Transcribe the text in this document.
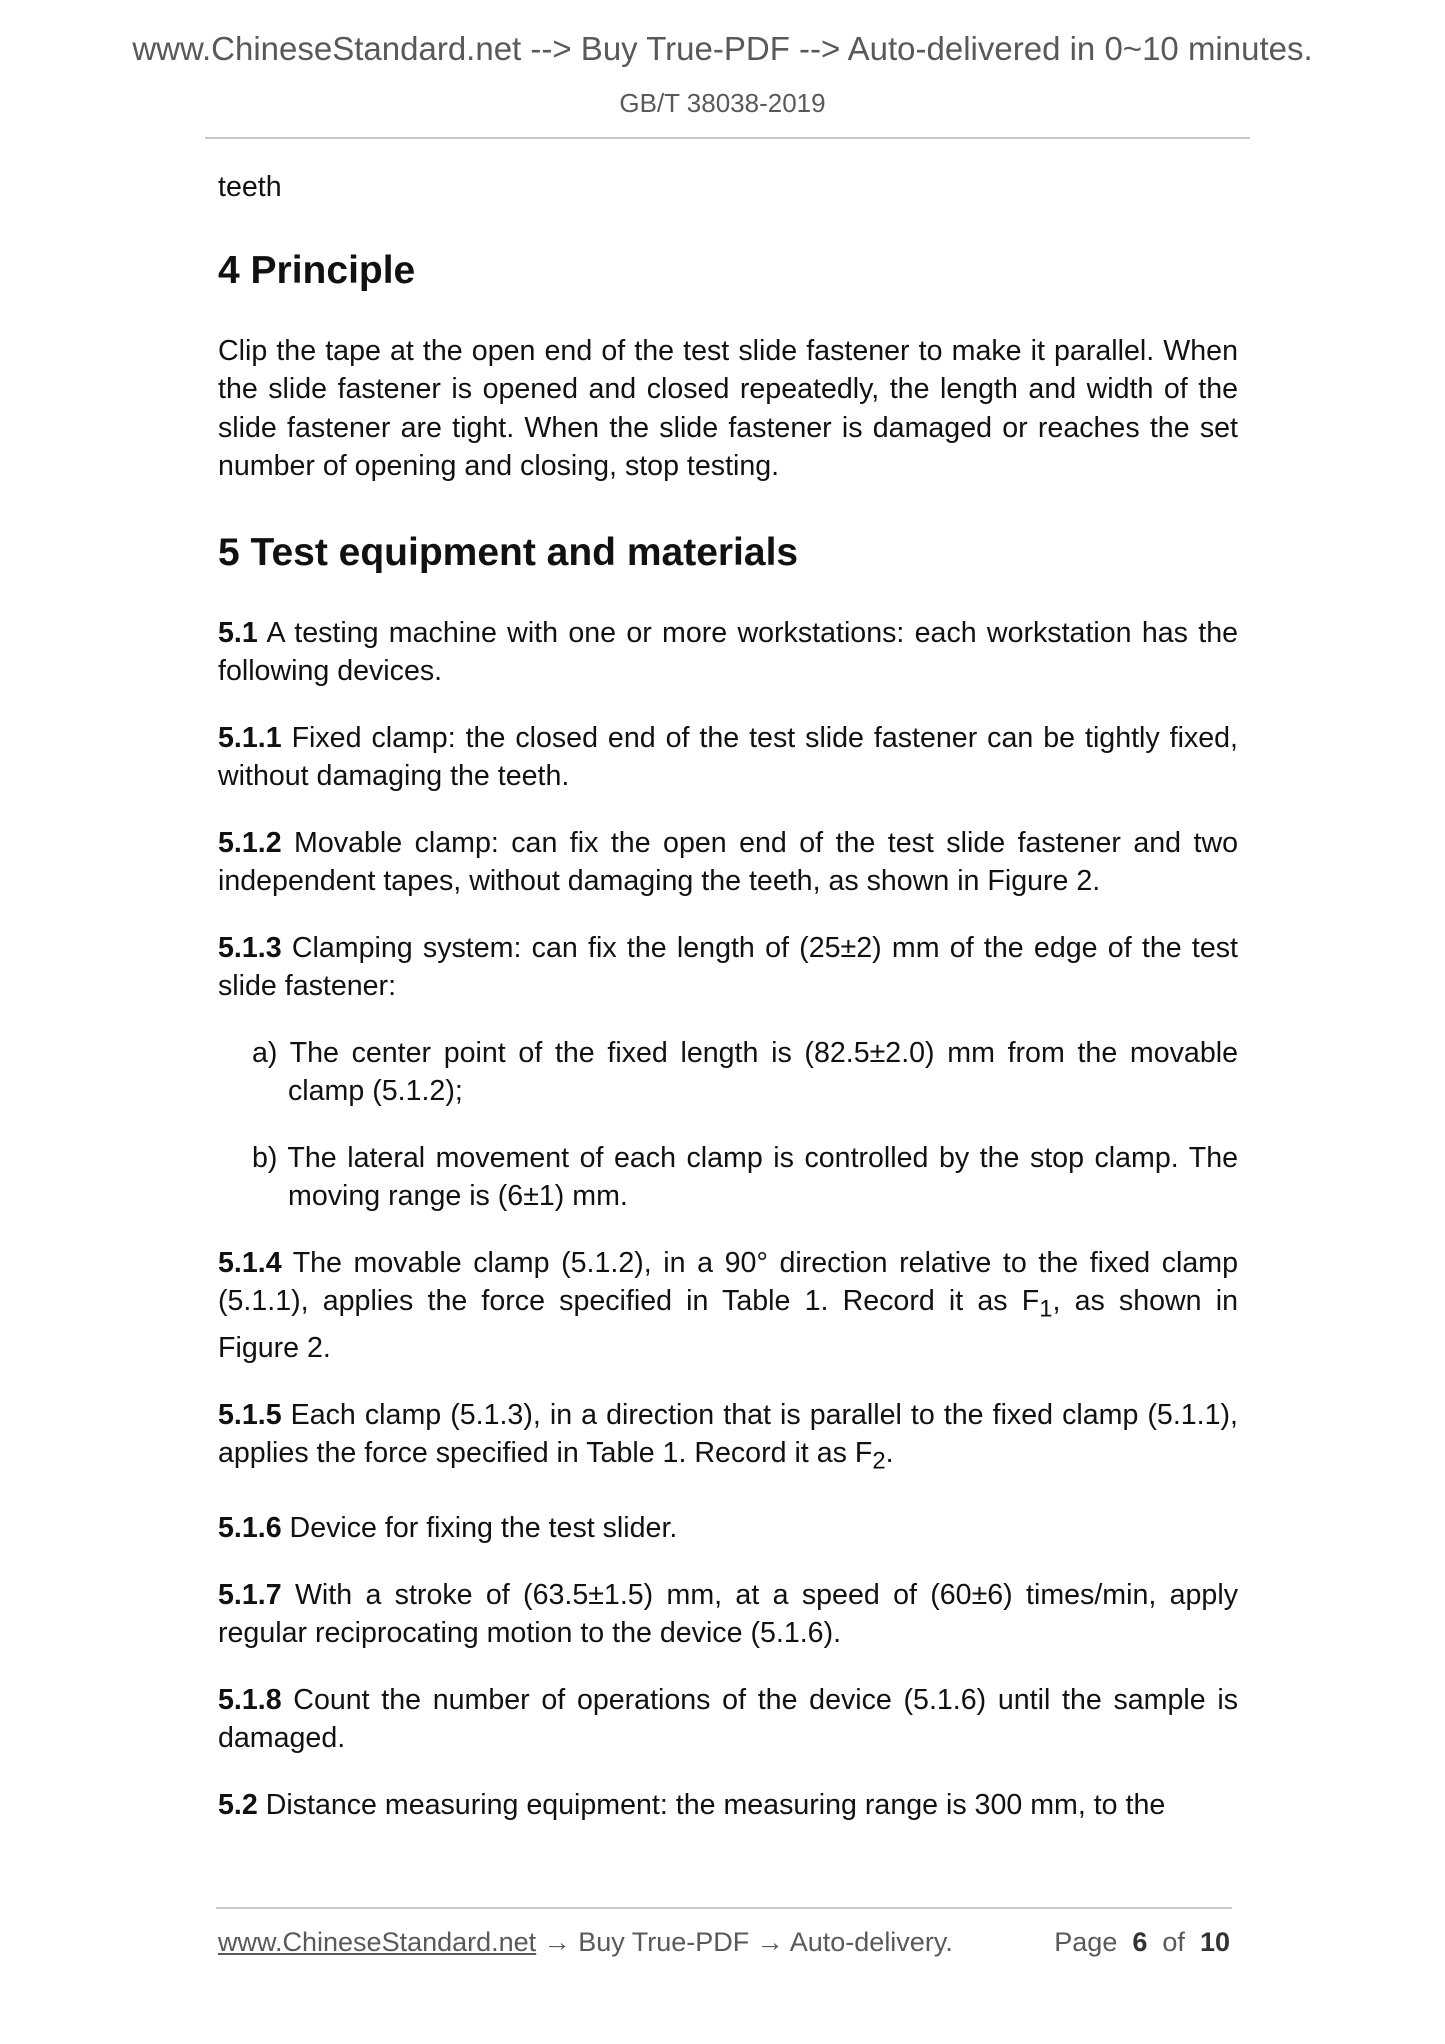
www.ChineseStandard.net --> Buy True-PDF --> Auto-delivered in 0~10 minutes.
GB/T 38038-2019

teeth

4 Principle

Clip the tape at the open end of the test slide fastener to make it parallel. When the slide fastener is opened and closed repeatedly, the length and width of the slide fastener are tight. When the slide fastener is damaged or reaches the set number of opening and closing, stop testing.

5 Test equipment and materials

5.1 A testing machine with one or more workstations: each workstation has the following devices.

5.1.1 Fixed clamp: the closed end of the test slide fastener can be tightly fixed, without damaging the teeth.

5.1.2 Movable clamp: can fix the open end of the test slide fastener and two independent tapes, without damaging the teeth, as shown in Figure 2.

5.1.3 Clamping system: can fix the length of (25±2) mm of the edge of the test slide fastener:

a) The center point of the fixed length is (82.5±2.0) mm from the movable clamp (5.1.2);

b) The lateral movement of each clamp is controlled by the stop clamp. The moving range is (6±1) mm.

5.1.4 The movable clamp (5.1.2), in a 90° direction relative to the fixed clamp (5.1.1), applies the force specified in Table 1. Record it as $F_1$, as shown in Figure 2.

5.1.5 Each clamp (5.1.3), in a direction that is parallel to the fixed clamp (5.1.1), applies the force specified in Table 1. Record it as $F_2$.

5.1.6 Device for fixing the test slider.

5.1.7 With a stroke of (63.5±1.5) mm, at a speed of (60±6) times/min, apply regular reciprocating motion to the device (5.1.6).

5.1.8 Count the number of operations of the device (5.1.6) until the sample is damaged.

5.2 Distance measuring equipment: the measuring range is 300 mm, to the

www.ChineseStandard.net → Buy True-PDF → Auto-delivery.	Page 6 of 10
